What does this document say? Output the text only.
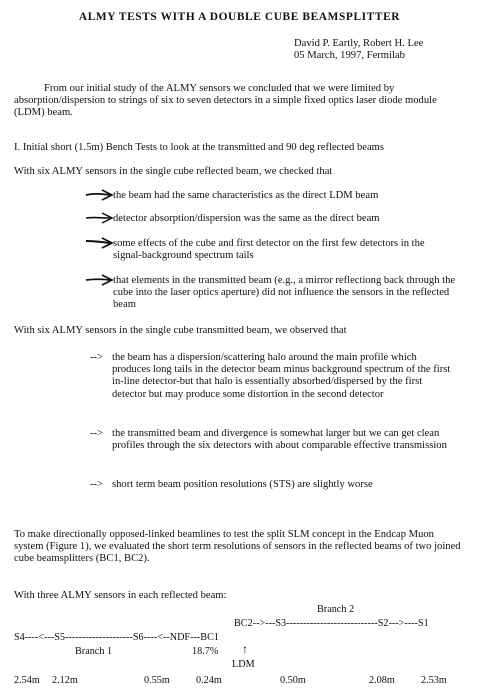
ALMY TESTS WITH A DOUBLE CUBE BEAMSPLITTER
David P. Eartly, Robert H. Lee
05 March, 1997, Fermilab
From our initial study of the ALMY sensors we concluded that we were limited by absorption/dispersion to strings of six to seven detectors in a simple fixed optics laser diode module (LDM) beam.
I. Initial short (1.5m) Bench Tests to look at the transmitted and 90 deg reflected beams
With six ALMY sensors in the single cube reflected beam, we checked that
the beam had the same characteristics as the direct LDM beam
detector absorption/dispersion was the same as the direct beam
some effects of the cube and first detector on the first few detectors in the signal-background spectrum tails
that elements in the transmitted beam (e.g., a mirror reflectiong back through the cube into the laser optics aperture) did not influence the sensors in the reflected beam
With six ALMY sensors in the single cube transmitted beam, we observed that
--> the beam has a dispersion/scattering halo around the main profile which produces long tails in the detector beam minus background spectrum of the first in-line detector-but that halo is essentially absorbed/dispersed by the first detector but may produce some distortion in the second detector
--> the transmitted beam and divergence is somewhat larger but we can get clean profiles through the six detectors with about comparable effective transmission
--> short term beam position resolutions (STS) are slightly worse
To make directionally opposed-linked beamlines to test the split SLM concept in the Endcap Muon system (Figure 1), we evaluated the short term resolutions of sensors in the reflected beams of two joined cube beamsplitters (BC1, BC2).
With three ALMY sensors in each reflected beam:
Branch 2
BC2-->---S3---------------------------S2--->----S1
S4----<---S5--------------------S6----<--NDF---BC1
Branch 1	18.7% ↑
LDM
2.54m 2.12m	0.55m	0.24m	0.50m	2.08m	2.53m
